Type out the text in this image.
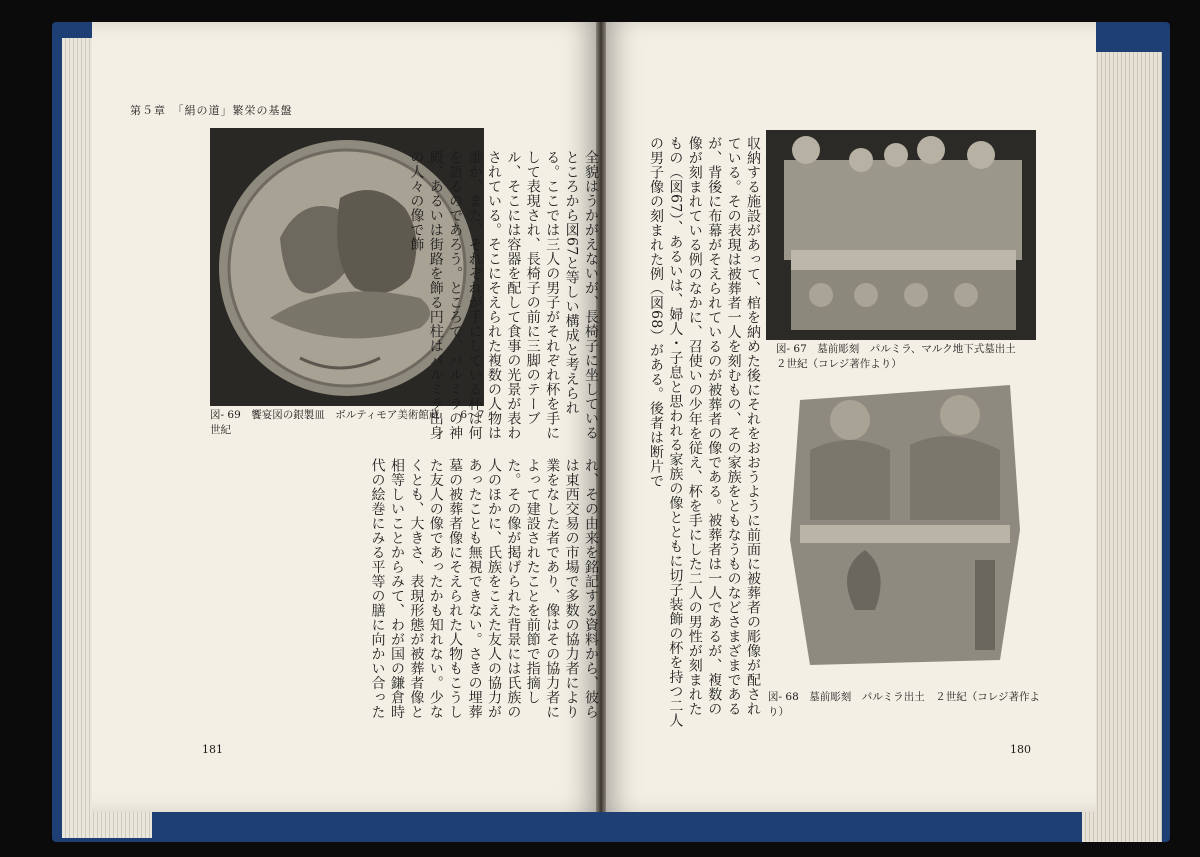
第５章　「絹の道」繁栄の基盤
図- 69　饗宴図の銀製皿　ボルティモア美術館蔵　　6～7世紀	全貌はうかがえないが、長椅子に坐しているところから図67と等しい構成と考えられる。ここでは三人の男子がそれぞれ杯を手にして表現され、長椅子の前に三脚のテーブル、そこには容器を配して食事の光景が表わされている。そこにそえられた複数の人物は誰か、また、それぞれが手にしている杯は何を語るのであろう。ところで、パルミラの神殿、あるいは街路を飾る円柱はパルミラ出身の人々の像で飾
れ、その由来を銘記する資料から、彼らは東西交易の市場で多数の協力者により業をなした者であり、像はその協力者によって建設されたことを前節で指摘した。その像が掲げられた背景には氏族の人のほかに、氏族をこえた友人の協力があったことも無視できない。さきの埋葬墓の被葬者像にそえられた人物もこうした友人の像であったかも知れない。少なくとも、大きさ、表現形態が被葬者像と相等しいことからみて、わが国の鎌倉時代の絵巻にみる平等の膳に向かい合った
181
収納する施設があって、棺を納めた後にそれをおおうように前面に被葬者の彫像が配されている。その表現は被葬者一人を刻むもの、その家族をともなうものなどさまざまであるが、背後に布幕がそえられているのが被葬者の像である。被葬者は一人であるが、複数の像が刻まれている例のなかに、召使いの少年を従え、杯を手にした二人の男性が刻まれたもの（図67）、あるいは、婦人・子息と思われる家族の像とともに切子装飾の杯を持つ二人の男子像の刻まれた例（図68）がある。後者は断片で	図- 67　墓前彫刻　パルミラ、マルク地下式墓出土　２世紀（コレジ著作より）
図- 68　墓前彫刻　パルミラ出土　２世紀（コレジ著作より）
180
